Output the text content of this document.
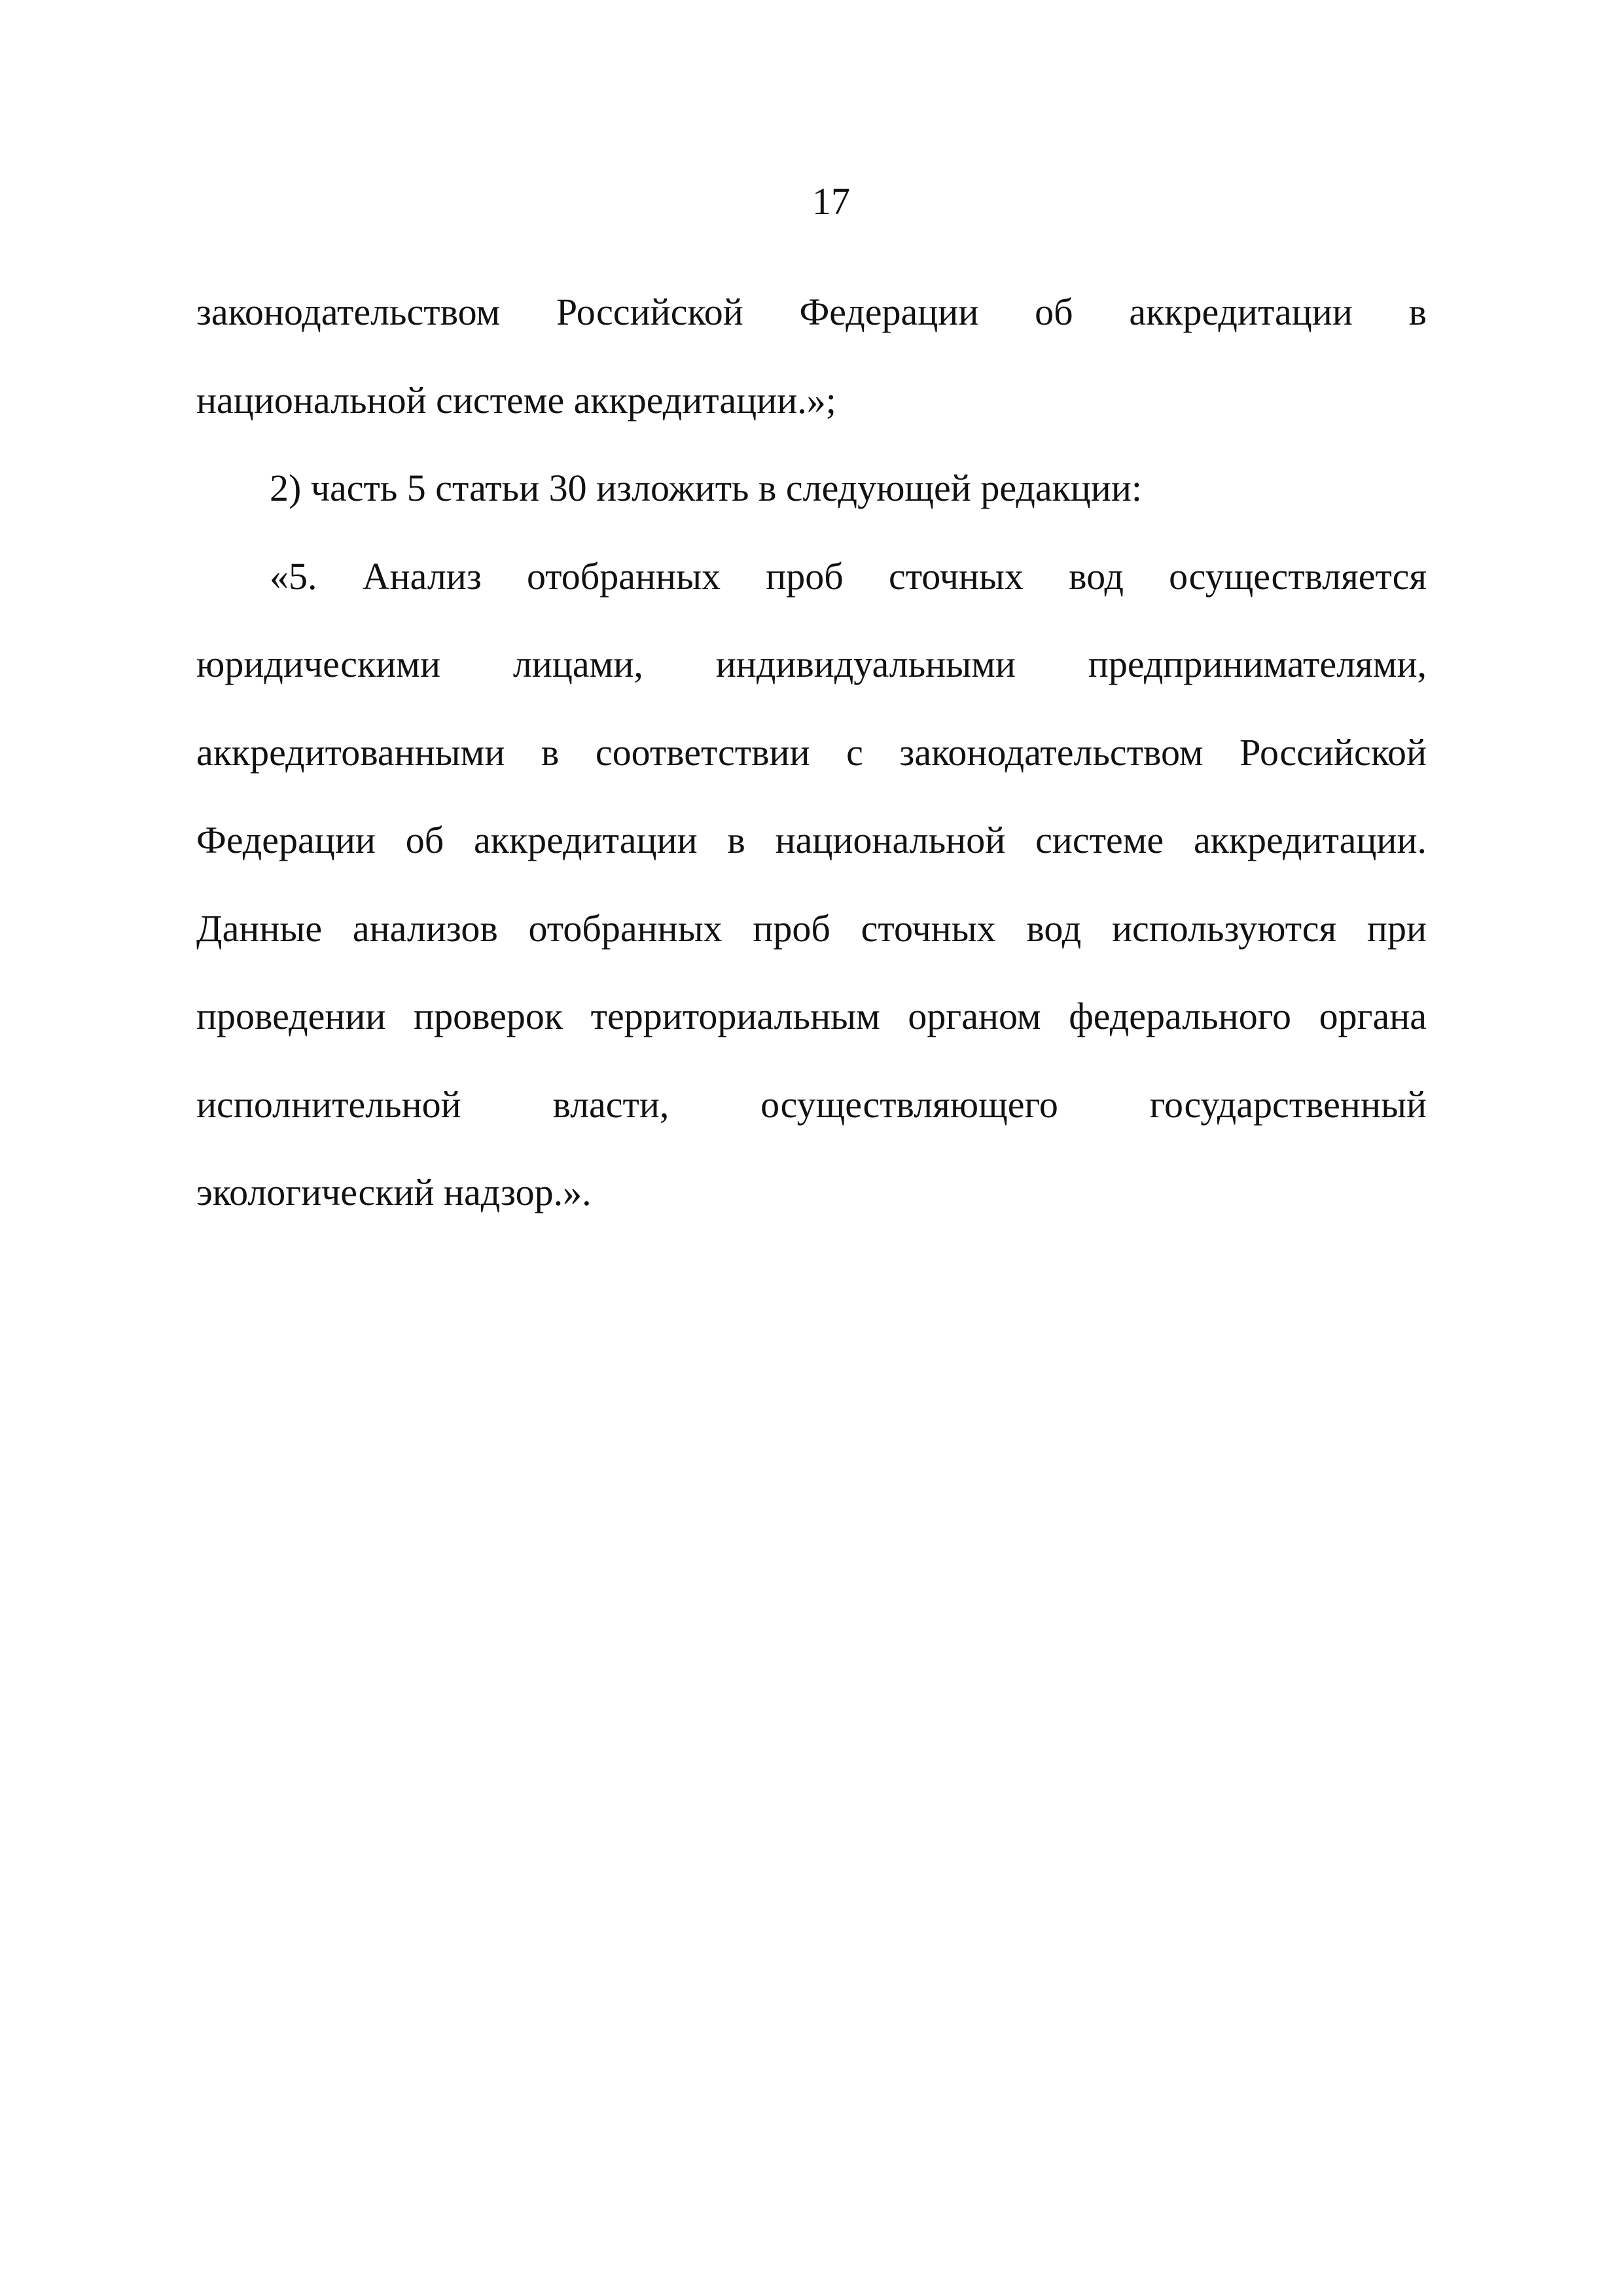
17

законодательством Российской Федерации об аккредитации в национальной системе аккредитации.»;

2) часть 5 статьи 30 изложить в следующей редакции:

«5. Анализ отобранных проб сточных вод осуществляется юридическими лицами, индивидуальными предпринимателями, аккредитованными в соответствии с законодательством Российской Федерации об аккредитации в национальной системе аккредитации. Данные анализов отобранных проб сточных вод используются при проведении проверок территориальным органом федерального органа исполнительной власти, осуществляющего государственный экологический надзор.».
